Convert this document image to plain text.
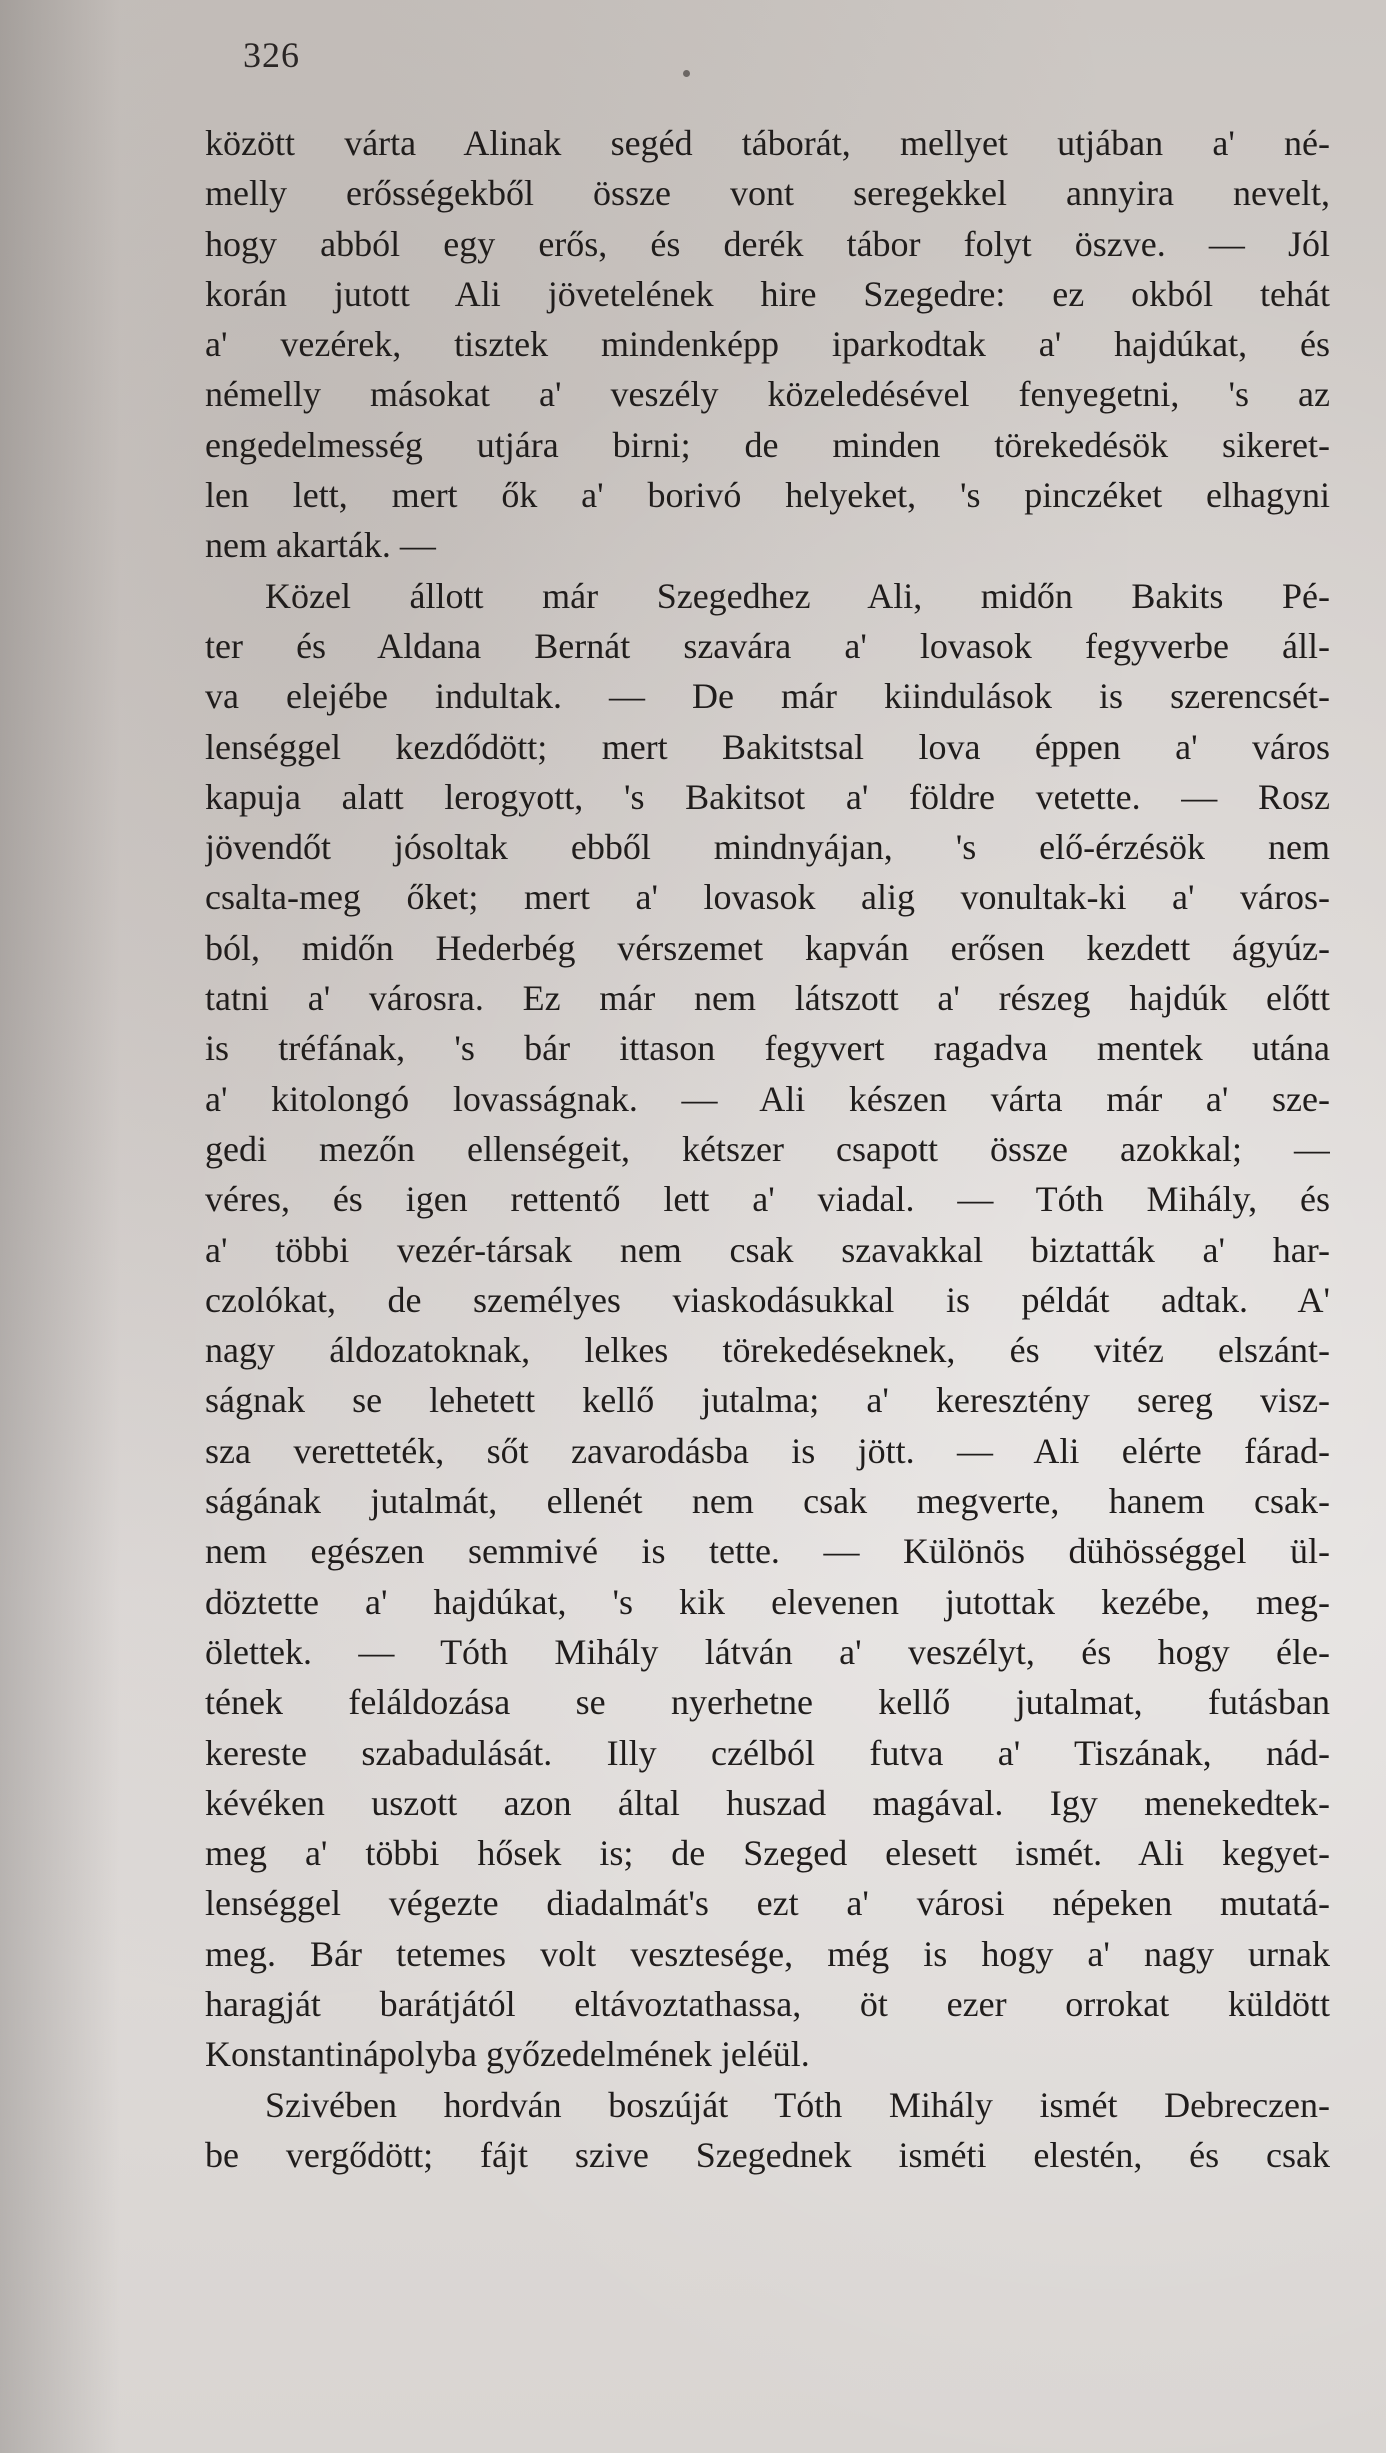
326
között várta Alinak segéd táborát, mellyet utjában a' né-
melly erősségekből össze vont seregekkel annyira nevelt,
hogy abból egy erős, és derék tábor folyt öszve. — Jól
korán jutott Ali jövetelének hire Szegedre: ez okból tehát
a' vezérek, tisztek mindenképp iparkodtak a' hajdúkat, és
némelly másokat a' veszély közeledésével fenyegetni, 's az
engedelmesség utjára birni; de minden törekedésök sikeret-
len lett, mert ők a' borivó helyeket, 's pinczéket elhagyni
nem akarták. —
Közel állott már Szegedhez Ali, midőn Bakits Pé-
ter és Aldana Bernát szavára a' lovasok fegyverbe áll-
va elejébe indultak. — De már kiindulások is szerencsét-
lenséggel kezdődött; mert Bakitstsal lova éppen a' város
kapuja alatt lerogyott, 's Bakitsot a' földre vetette. — Rosz
jövendőt jósoltak ebből mindnyájan, 's elő-érzésök nem
csalta-meg őket; mert a' lovasok alig vonultak-ki a' város-
ból, midőn Hederbég vérszemet kapván erősen kezdett ágyúz-
tatni a' városra. Ez már nem látszott a' részeg hajdúk előtt
is tréfának, 's bár ittason fegyvert ragadva mentek utána
a' kitolongó lovasságnak. — Ali készen várta már a' sze-
gedi mezőn ellenségeit, kétszer csapott össze azokkal; —
véres, és igen rettentő lett a' viadal. — Tóth Mihály, és
a' többi vezér-társak nem csak szavakkal biztatták a' har-
czolókat, de személyes viaskodásukkal is példát adtak. A'
nagy áldozatoknak, lelkes törekedéseknek, és vitéz elszánt-
ságnak se lehetett kellő jutalma; a' keresztény sereg visz-
sza veretteték, sőt zavarodásba is jött. — Ali elérte fárad-
ságának jutalmát, ellenét nem csak megverte, hanem csak-
nem egészen semmivé is tette. — Különös dühösséggel ül-
döztette a' hajdúkat, 's kik elevenen jutottak kezébe, meg-
ölettek. — Tóth Mihály látván a' veszélyt, és hogy éle-
tének feláldozása se nyerhetne kellő jutalmat, futásban
kereste szabadulását. Illy czélból futva a' Tiszának, nád-
kévéken uszott azon által huszad magával. Igy menekedtek-
meg a' többi hősek is; de Szeged elesett ismét. Ali kegyet-
lenséggel végezte diadalmát's ezt a' városi népeken mutatá-
meg. Bár tetemes volt vesztesége, még is hogy a' nagy urnak
haragját barátjától eltávoztathassa, öt ezer orrokat küldött
Konstantinápolyba győzedelmének jeléül.
Szivében hordván boszúját Tóth Mihály ismét Debreczen-
be vergődött; fájt szive Szegednek isméti elestén, és csak
